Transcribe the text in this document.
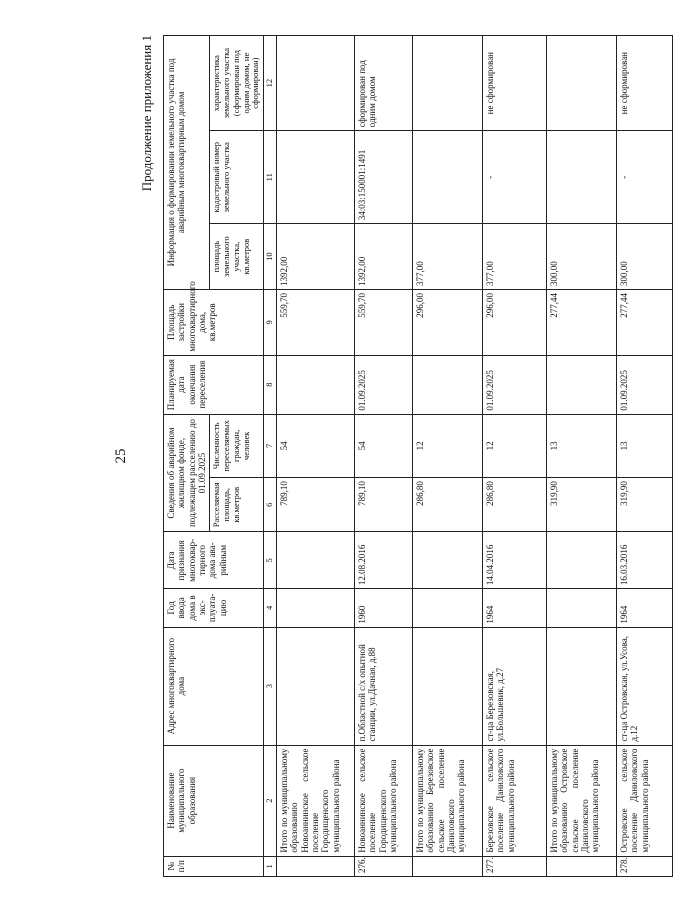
25
Продолжение приложения 1
№ п/п	Наименование муниципального образования	Адрес многоквартирного дома	Год ввода дома в экс-плуата-цию	Дата признания многоквар-тирного дома ава-рийным	Сведения об аварийном жилищном фонде, подлежащем расселению до 01.09.2025		Планируемая дата окончания переселения	Площадь застройки многоквартирного дома, кв.метров	Информация о формировании земельного участка под аварийным многоквартирным домом		
					Расселяемая площадь, кв.метров	Численность переселяемых граждан, человек			площадь земельного участка, кв.метров	кадастровый номер земельного участка	характеристика земельного участка (сформирован под одним домом, не сформирован)
1	2	3	4	5	6	7	8	9	10	11	12
	Итого по муниципальному образованию Новоаннинское сельское поселение Городищенского муниципального района				789,10	54		559,70	1392,00		
276.	Новоаннинское сельское поселение Городищенского муниципального района	п.Областной с/х опытной станции, ул.Дачная, д.88	1960	12.08.2016	789,10	54	01.09.2025	559,70	1392,00	34:03:150001:1491	сформирован под одним домом
	Итого по муниципальному образованию Березовское сельское поселение Даниловского муниципального района				286,80	12		296,00	377,00		
277.	Березовское сельское поселение Даниловского муниципального района	ст-ца Березовская, ул.Большевик, д.27	1964	14.04.2016	286,80	12	01.09.2025	296,00	377,00	-	не сформирован
	Итого по муниципальному образованию Островское сельское поселение Даниловского муниципального района				319,90	13		277,44	300,00		
278.	Островское сельское поселение Даниловского муниципального района	ст-ца Островская, ул.Усова, д.12	1964	16.03.2016	319,90	13	01.09.2025	277,44	300,00	-	не сформирован
